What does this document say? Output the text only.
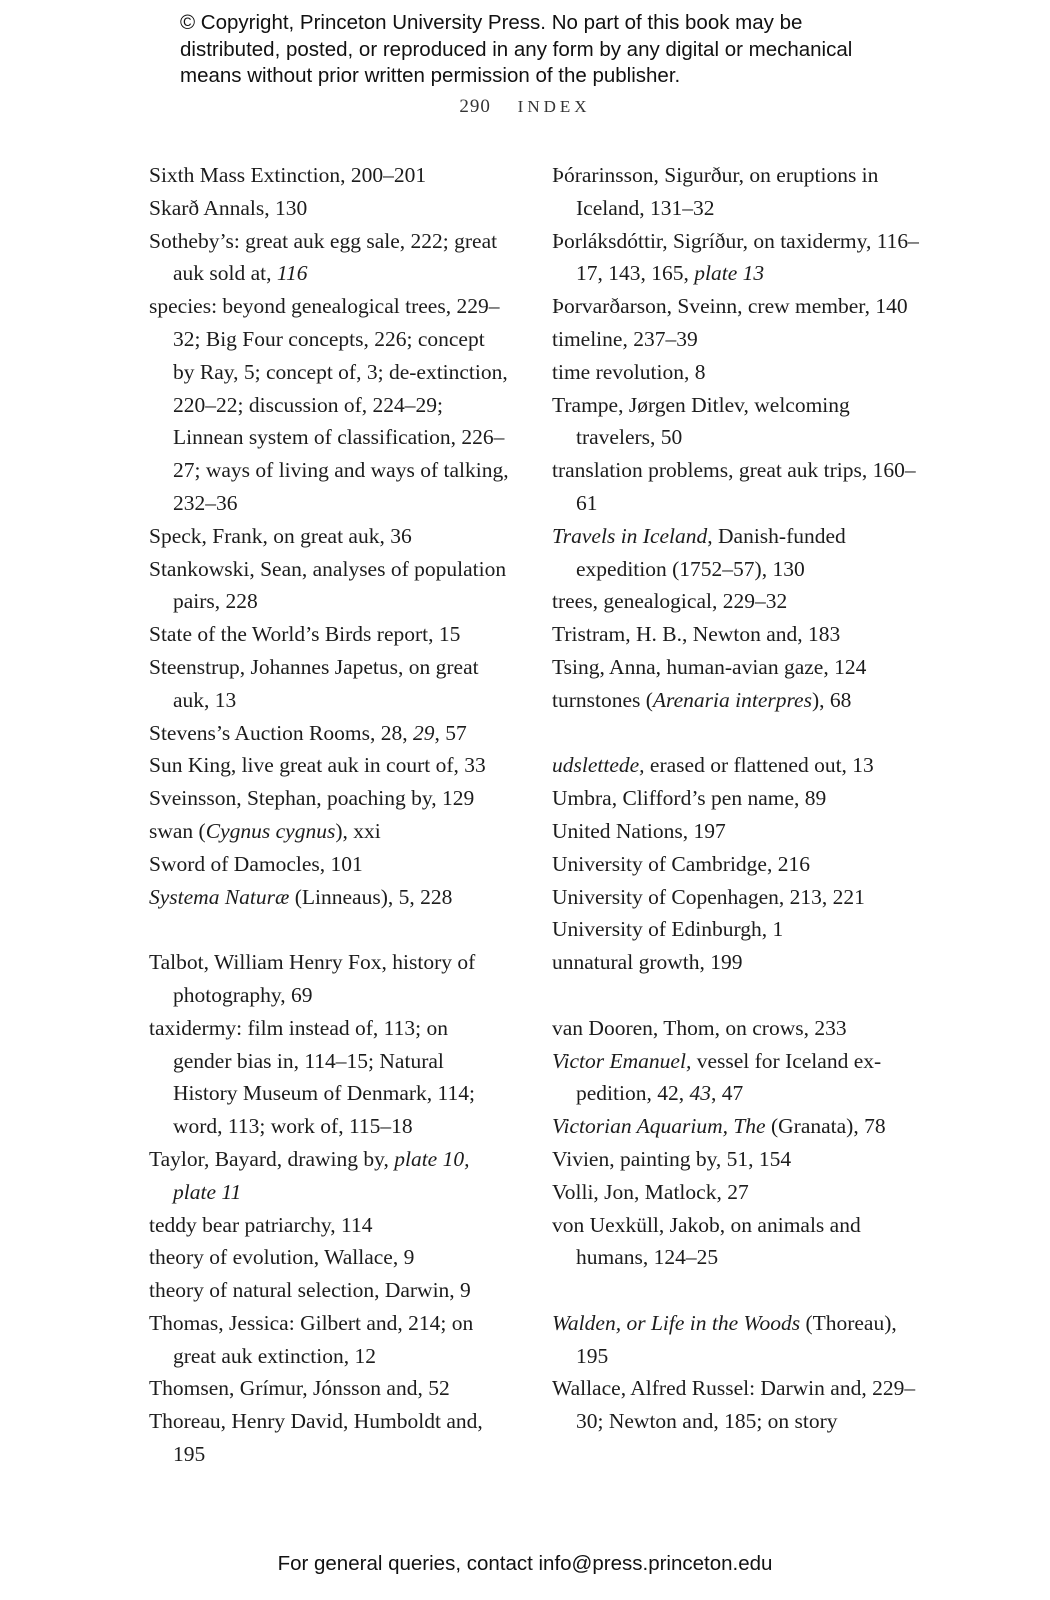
© Copyright, Princeton University Press. No part of this book may be distributed, posted, or reproduced in any form by any digital or mechanical means without prior written permission of the publisher.
290 INDEX

Sixth Mass Extinction, 200–201

Skarð Annals, 130

Sotheby’s: great auk egg sale, 222; great auk sold at, 116

species: beyond genealogical trees, 229–32; Big Four concepts, 226; concept by Ray, 5; concept of, 3; de-extinction, 220–22; discussion of, 224–29; Linnean system of classification, 226–27; ways of living and ways of talking, 232–36

Speck, Frank, on great auk, 36

Stankowski, Sean, analyses of population pairs, 228

State of the World’s Birds report, 15

Steenstrup, Johannes Japetus, on great auk, 13

Stevens’s Auction Rooms, 28, 29, 57

Sun King, live great auk in court of, 33

Sveinsson, Stephan, poaching by, 129

swan (Cygnus cygnus), xxi

Sword of Damocles, 101

Systema Naturæ (Linneaus), 5, 228

Talbot, William Henry Fox, history of photography, 69

taxidermy: film instead of, 113; on gender bias in, 114–15; Natural History Museum of Denmark, 114; word, 113; work of, 115–18

Taylor, Bayard, drawing by, plate 10, plate 11

teddy bear patriarchy, 114

theory of evolution, Wallace, 9

theory of natural selection, Darwin, 9

Thomas, Jessica: Gilbert and, 214; on great auk extinction, 12

Thomsen, Grímur, Jónsson and, 52

Thoreau, Henry David, Humboldt and, 195

Þórarinsson, Sigurður, on eruptions in Iceland, 131–32

Þorláksdóttir, Sigríður, on taxidermy, 116–17, 143, 165, plate 13

Þorvarðarson, Sveinn, crew member, 140

timeline, 237–39

time revolution, 8

Trampe, Jørgen Ditlev, welcoming travelers, 50

translation problems, great auk trips, 160–61

Travels in Iceland, Danish-funded expedition (1752–57), 130

trees, genealogical, 229–32

Tristram, H. B., Newton and, 183

Tsing, Anna, human-avian gaze, 124

turnstones (Arenaria interpres), 68

udslettede, erased or flattened out, 13

Umbra, Clifford’s pen name, 89

United Nations, 197

University of Cambridge, 216

University of Copenhagen, 213, 221

University of Edinburgh, 1

unnatural growth, 199

van Dooren, Thom, on crows, 233

Victor Emanuel, vessel for Iceland ex-pedition, 42, 43, 47

Victorian Aquarium, The (Granata), 78

Vivien, painting by, 51, 154

Volli, Jon, Matlock, 27

von Uexküll, Jakob, on animals and humans, 124–25

Walden, or Life in the Woods (Thoreau), 195

Wallace, Alfred Russel: Darwin and, 229–30; Newton and, 185; on story

For general queries, contact info@press.princeton.edu
